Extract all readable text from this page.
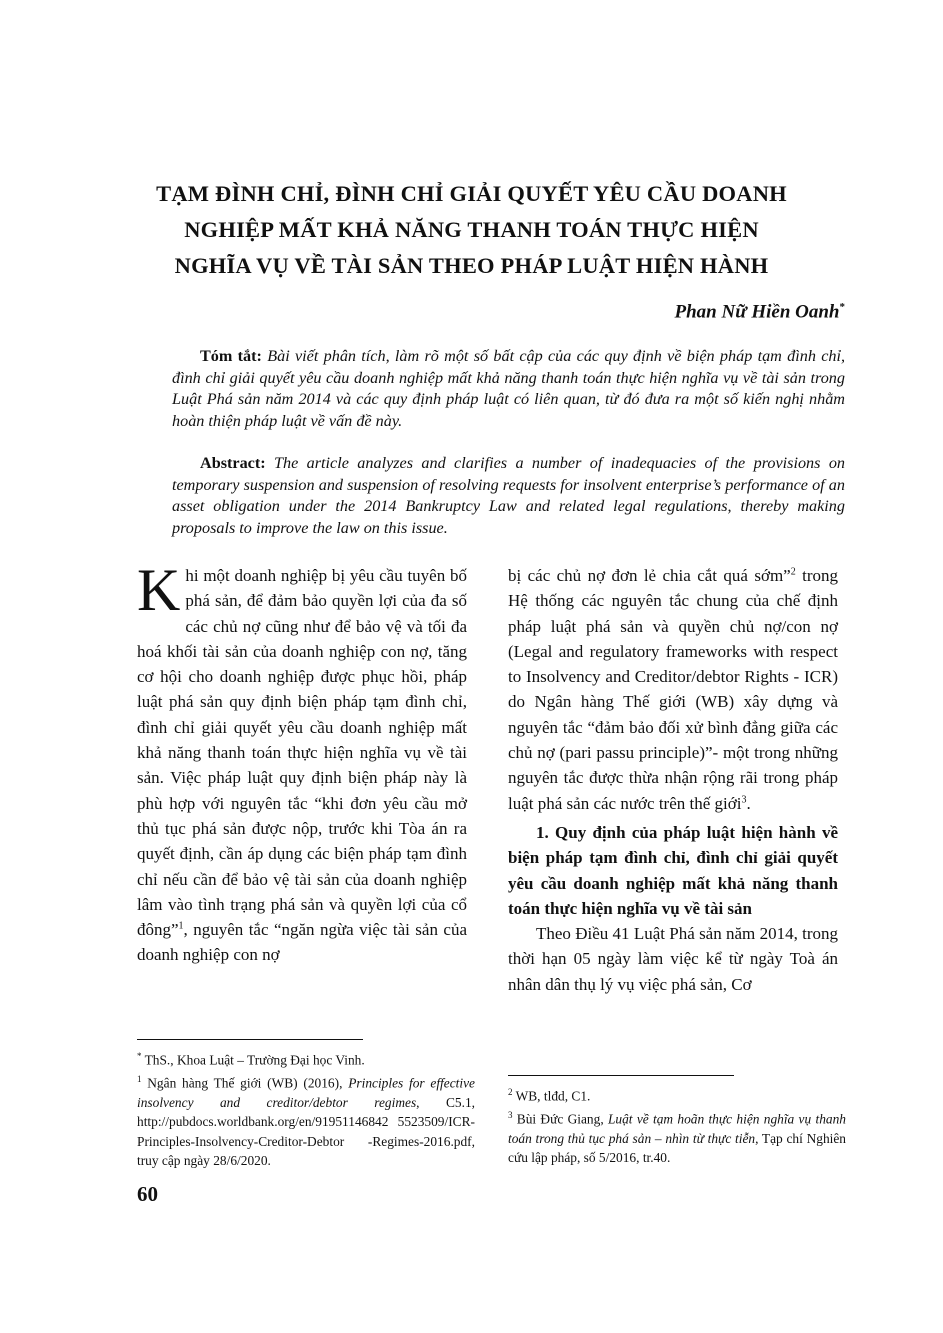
TẠM ĐÌNH CHỈ, ĐÌNH CHỈ GIẢI QUYẾT YÊU CẦU DOANH
NGHIỆP MẤT KHẢ NĂNG THANH TOÁN THỰC HIỆN
NGHĨA VỤ VỀ TÀI SẢN THEO PHÁP LUẬT HIỆN HÀNH
Phan Nữ Hiền Oanh*
Tóm tắt: Bài viết phân tích, làm rõ một số bất cập của các quy định về biện pháp tạm đình chỉ, đình chỉ giải quyết yêu cầu doanh nghiệp mất khả năng thanh toán thực hiện nghĩa vụ về tài sản trong Luật Phá sản năm 2014 và các quy định pháp luật có liên quan, từ đó đưa ra một số kiến nghị nhằm hoàn thiện pháp luật về vấn đề này.
Abstract: The article analyzes and clarifies a number of inadequacies of the provisions on temporary suspension and suspension of resolving requests for insolvent enterprise’s performance of an asset obligation under the 2014 Bankruptcy Law and related legal regulations, thereby making proposals to improve the law on this issue.

Khi một doanh nghiệp bị yêu cầu tuyên bố phá sản, để đảm bảo quyền lợi của đa số các chủ nợ cũng như để bảo vệ và tối đa hoá khối tài sản của doanh nghiệp con nợ, tăng cơ hội cho doanh nghiệp được phục hồi, pháp luật phá sản quy định biện pháp tạm đình chỉ, đình chỉ giải quyết yêu cầu doanh nghiệp mất khả năng thanh toán thực hiện nghĩa vụ về tài sản. Việc pháp luật quy định biện pháp này là phù hợp với nguyên tắc “khi đơn yêu cầu mở thủ tục phá sản được nộp, trước khi Tòa án ra quyết định, cần áp dụng các biện pháp tạm đình chỉ nếu cần để bảo vệ tài sản của doanh nghiệp lâm vào tình trạng phá sản và quyền lợi của cổ đông”$^1$, nguyên tắc “ngăn ngừa việc tài sản của doanh nghiệp con nợ

bị các chủ nợ đơn lẻ chia cắt quá sớm”$^2$ trong Hệ thống các nguyên tắc chung của chế định pháp luật phá sản và quyền chủ nợ/con nợ (Legal and regulatory frameworks with respect to Insolvency and Creditor/debtor Rights - ICR) do Ngân hàng Thế giới (WB) xây dựng và nguyên tắc “đảm bảo đối xử bình đẳng giữa các chủ nợ (pari passu principle)”- một trong những nguyên tắc được thừa nhận rộng rãi trong pháp luật phá sản các nước trên thế giới$^3$.

1. Quy định của pháp luật hiện hành về biện pháp tạm đình chỉ, đình chỉ giải quyết yêu cầu doanh nghiệp mất khả năng thanh toán thực hiện nghĩa vụ về tài sản

Theo Điều 41 Luật Phá sản năm 2014, trong thời hạn 05 ngày làm việc kể từ ngày Toà án nhân dân thụ lý vụ việc phá sản, Cơ

* ThS., Khoa Luật – Trường Đại học Vinh.

$^1$ Ngân hàng Thế giới (WB) (2016), Principles for effective insolvency and creditor/debtor regimes, C5.1, http://pubdocs.worldbank.org/en/91951146842 5523509/ICR-Principles-Insolvency-Creditor-Debtor -Regimes-2016.pdf, truy cập ngày 28/6/2020.

$^2$ WB, tlđd, C1.

$^3$ Bùi Đức Giang, Luật về tạm hoãn thực hiện nghĩa vụ thanh toán trong thủ tục phá sản – nhìn từ thực tiễn, Tạp chí Nghiên cứu lập pháp, số 5/2016, tr.40.

60
